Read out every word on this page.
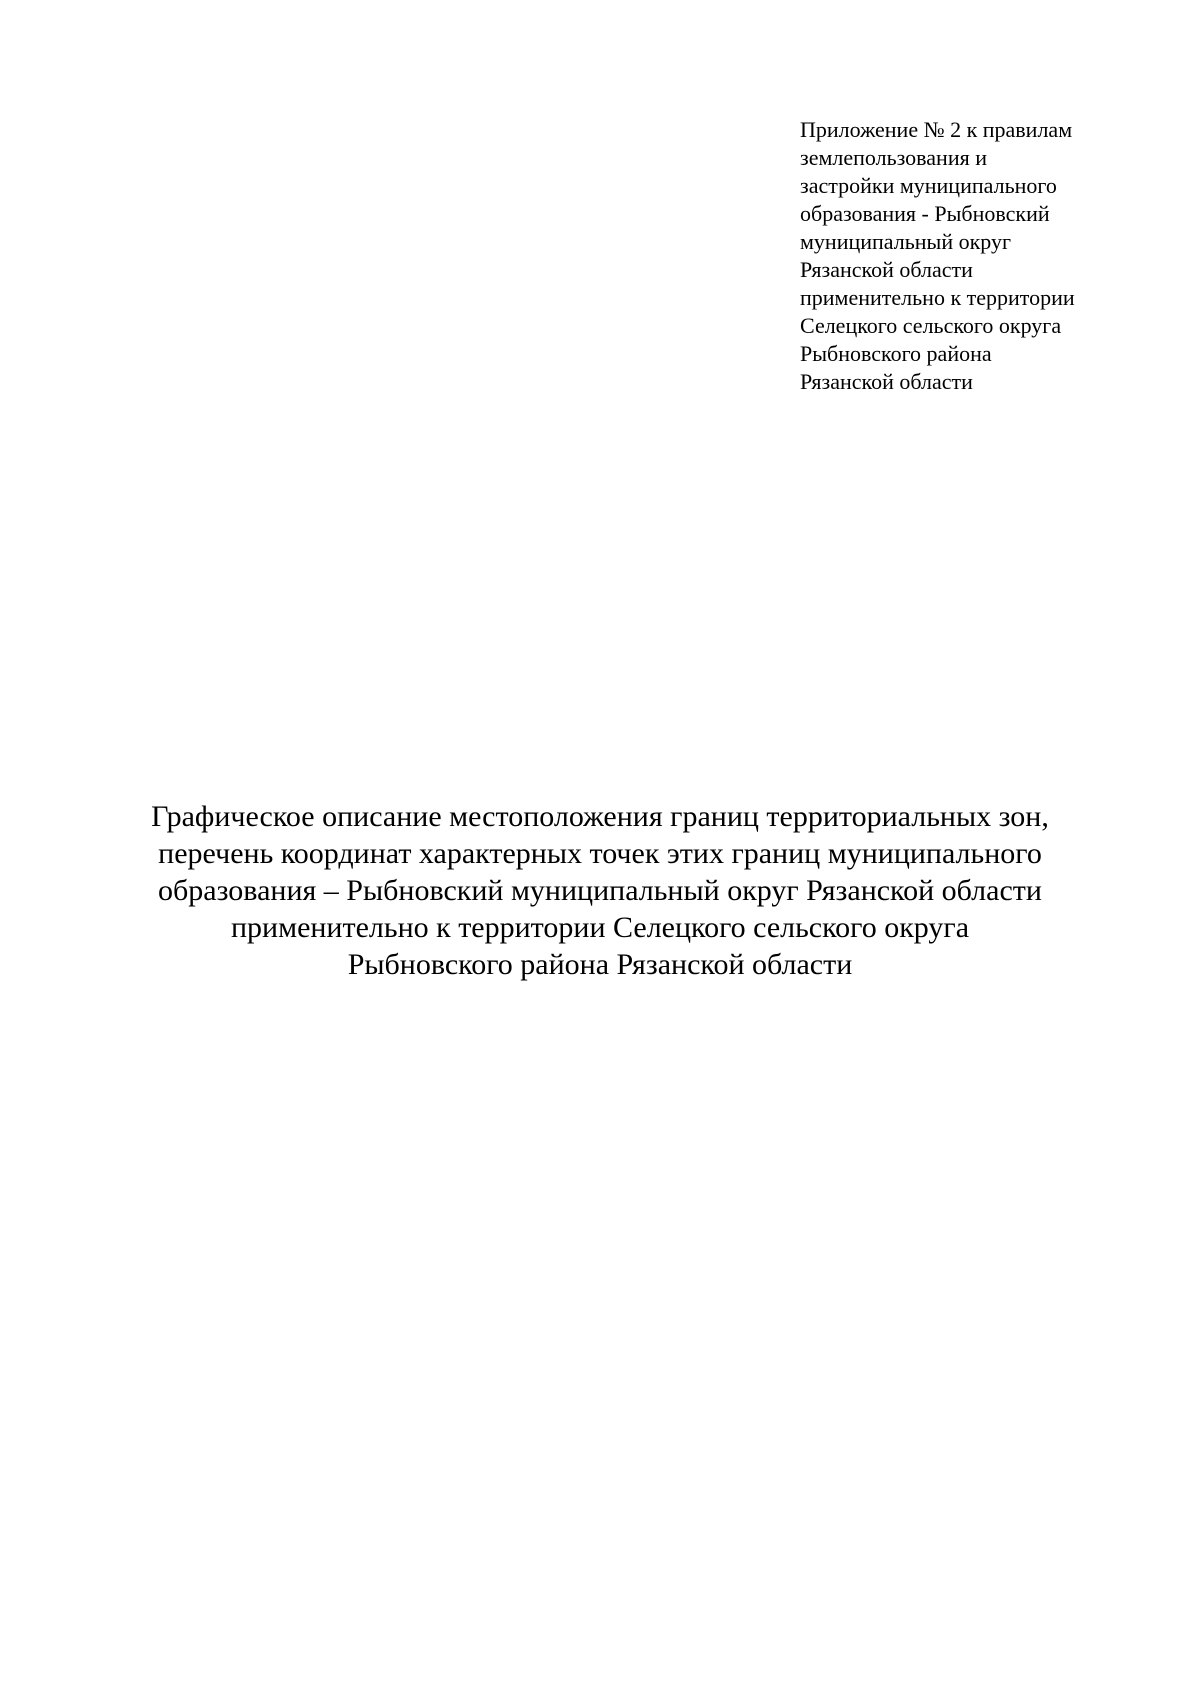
Приложение № 2 к правилам
землепользования и
застройки муниципального
образования - Рыбновский
муниципальный округ
Рязанской области
применительно к территории
Селецкого сельского округа
Рыбновского района
Рязанской области
Графическое описание местоположения границ территориальных зон,
перечень координат характерных точек этих границ муниципального
образования – Рыбновский муниципальный округ Рязанской области
применительно к территории Селецкого сельского округа
Рыбновского района Рязанской области
